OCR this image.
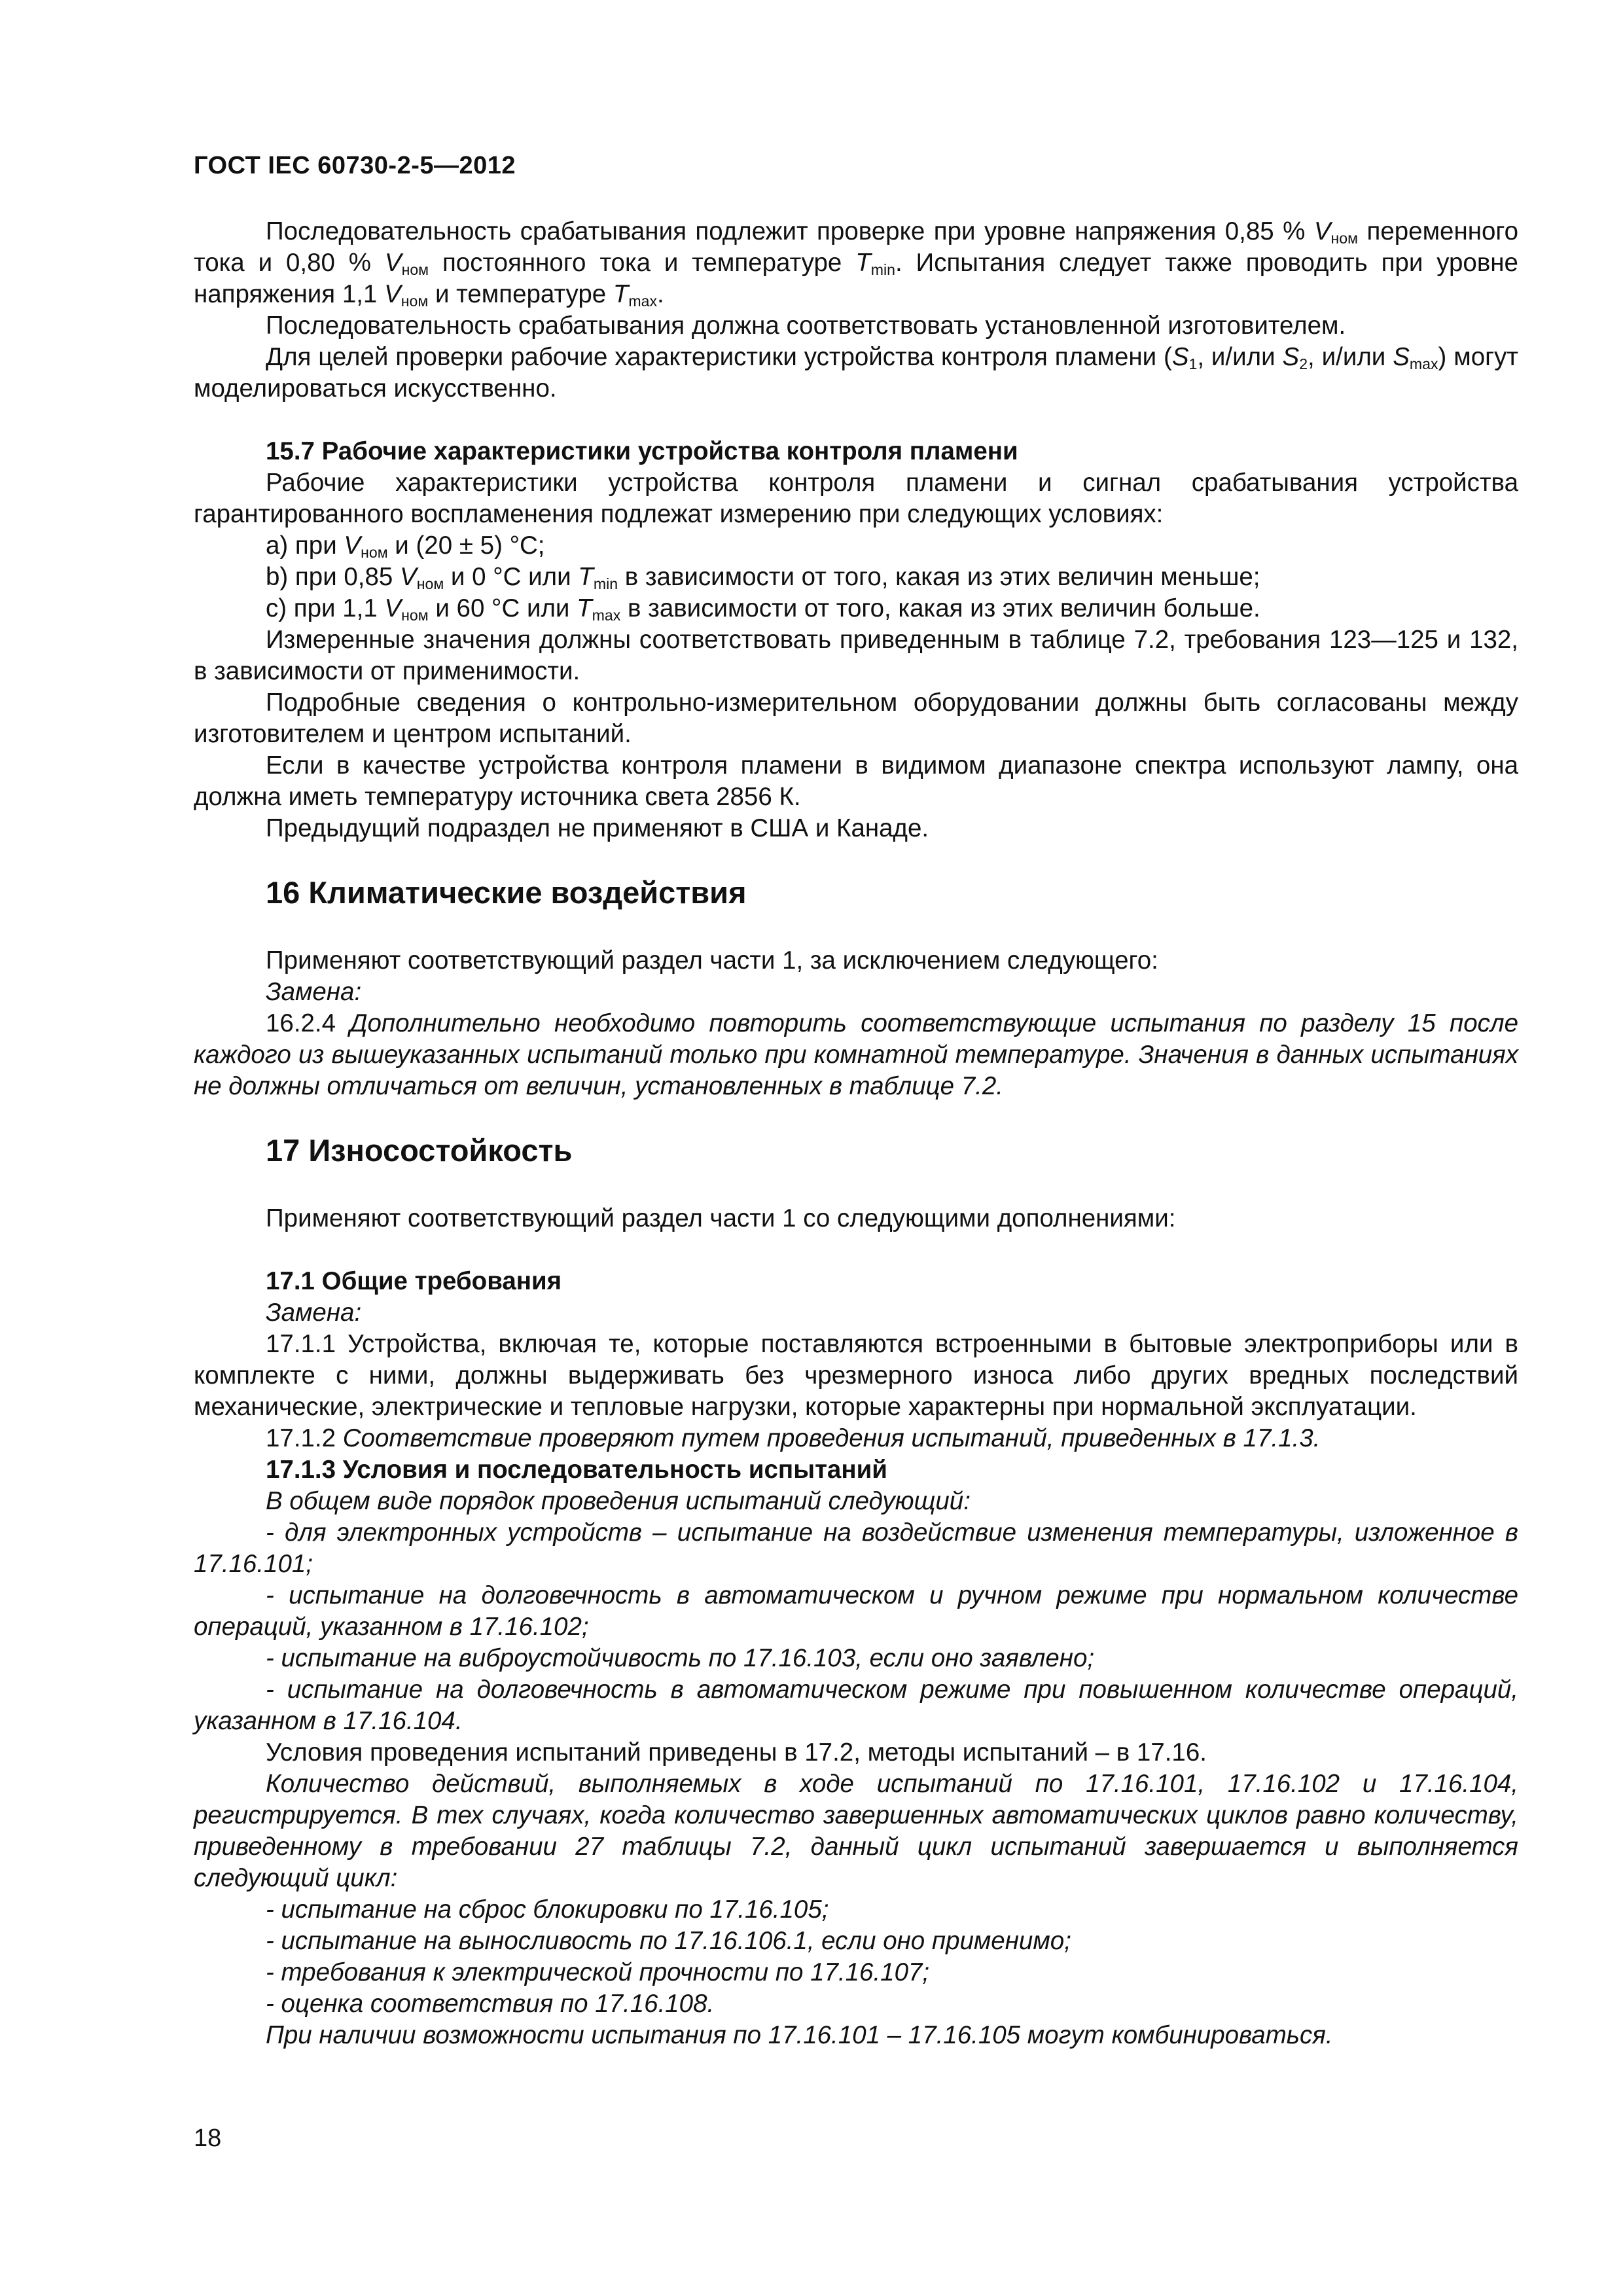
ГОСТ IEC 60730-2-5—2012

Последовательность срабатывания подлежит проверке при уровне напряжения 0,85 % Vном переменного тока и 0,80 % Vном постоянного тока и температуре Tmin. Испытания следует также проводить при уровне напряжения 1,1 Vном и температуре Tmax.

Последовательность срабатывания должна соответствовать установленной изготовителем.

Для целей проверки рабочие характеристики устройства контроля пламени (S1, и/или S2, и/или Smax) могут моделироваться искусственно.

15.7 Рабочие характеристики устройства контроля пламени

Рабочие характеристики устройства контроля пламени и сигнал срабатывания устройства гарантированного воспламенения подлежат измерению при следующих условиях:

a) при Vном и (20 ± 5) °С;

b) при 0,85 Vном и 0 °С или Tmin в зависимости от того, какая из этих величин меньше;

с) при 1,1 Vном и 60 °С или Tmax в зависимости от того, какая из этих величин больше.

Измеренные значения должны соответствовать приведенным в таблице 7.2, требования 123—125 и 132, в зависимости от применимости.

Подробные сведения о контрольно-измерительном оборудовании должны быть согласованы между изготовителем и центром испытаний.

Если в качестве устройства контроля пламени в видимом диапазоне спектра используют лампу, она должна иметь температуру источника света 2856 К.

Предыдущий подраздел не применяют в США и Канаде.

16 Климатические воздействия

Применяют соответствующий раздел части 1, за исключением следующего:

Замена:

16.2.4 Дополнительно необходимо повторить соответствующие испытания по разделу 15 после каждого из вышеуказанных испытаний только при комнатной температуре. Значения в данных испытаниях не должны отличаться от величин, установленных в таблице 7.2.

17 Износостойкость

Применяют соответствующий раздел части 1 со следующими дополнениями:

17.1 Общие требования

Замена:

17.1.1 Устройства, включая те, которые поставляются встроенными в бытовые электроприборы или в комплекте с ними, должны выдерживать без чрезмерного износа либо других вредных последствий механические, электрические и тепловые нагрузки, которые характерны при нормальной эксплуатации.

17.1.2 Соответствие проверяют путем проведения испытаний, приведенных в 17.1.3.

17.1.3 Условия и последовательность испытаний

В общем виде порядок проведения испытаний следующий:

- для электронных устройств – испытание на воздействие изменения температуры, изложенное в 17.16.101;

- испытание на долговечность в автоматическом и ручном режиме при нормальном количестве операций, указанном в 17.16.102;

- испытание на виброустойчивость по 17.16.103, если оно заявлено;

- испытание на долговечность в автоматическом режиме при повышенном количестве операций, указанном в 17.16.104.

Условия проведения испытаний приведены в 17.2, методы испытаний – в 17.16.

Количество действий, выполняемых в ходе испытаний по 17.16.101, 17.16.102 и 17.16.104, регистрируется. В тех случаях, когда количество завершенных автоматических циклов равно количеству, приведенному в требовании 27 таблицы 7.2, данный цикл испытаний завершается и выполняется следующий цикл:

- испытание на сброс блокировки по 17.16.105;

- испытание на выносливость по 17.16.106.1, если оно применимо;

- требования к электрической прочности по 17.16.107;

- оценка соответствия по 17.16.108.

При наличии возможности испытания по 17.16.101 – 17.16.105 могут комбинироваться.

18
